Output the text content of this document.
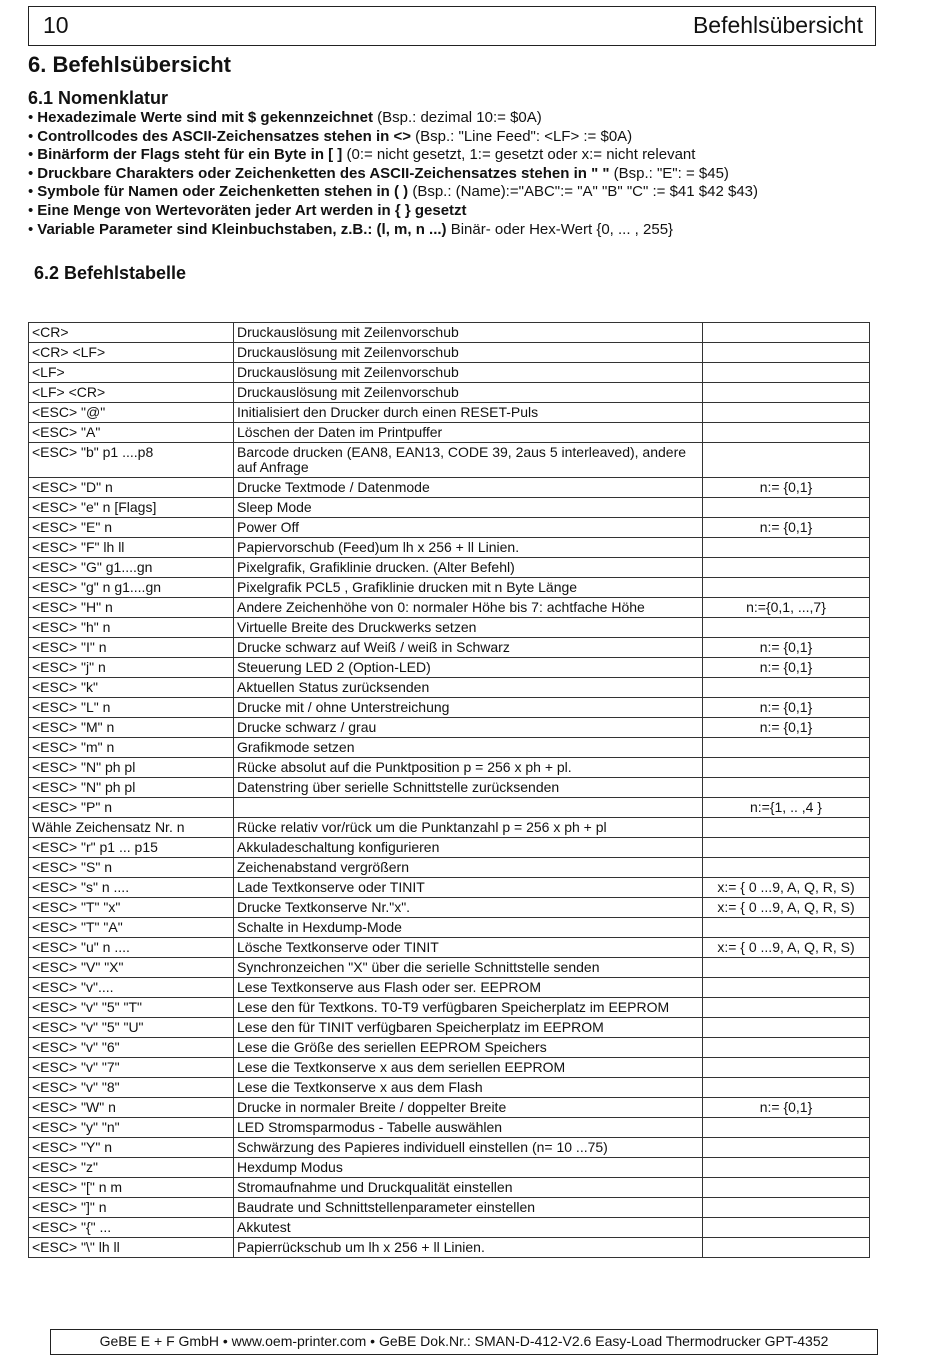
10	Befehlsübersicht
6. Befehlsübersicht
6.1 Nomenklatur
• Hexadezimale Werte sind mit $ gekennzeichnet (Bsp.: dezimal 10:= $0A)
• Controllcodes des ASCII-Zeichensatzes stehen in <> (Bsp.: "Line Feed": <LF> := $0A)
• Binärform der Flags steht für ein Byte in [ ] (0:= nicht gesetzt, 1:= gesetzt oder x:= nicht relevant
• Druckbare Charakters oder Zeichenketten des ASCII-Zeichensatzes stehen in " " (Bsp.: "E": = $45)
• Symbole für Namen oder Zeichenketten stehen in ( ) (Bsp.: (Name):="ABC":= "A" "B" "C" := $41 $42 $43)
• Eine Menge von Wertevoräten jeder Art werden in { } gesetzt
• Variable Parameter sind Kleinbuchstaben, z.B.: (l, m, n ...) Binär- oder Hex-Wert {0, ... , 255}
6.2 Befehlstabelle
<CR>	Druckauslösung mit Zeilenvorschub	
<CR> <LF>	Druckauslösung mit Zeilenvorschub	
<LF>	Druckauslösung mit Zeilenvorschub	
<LF> <CR>	Druckauslösung mit Zeilenvorschub	
<ESC> "@"	Initialisiert den Drucker durch einen RESET-Puls	
<ESC> "A"	Löschen der Daten im Printpuffer	
<ESC> "b" p1 ....p8	Barcode drucken (EAN8, EAN13, CODE 39, 2aus 5 interleaved), andere auf Anfrage	
<ESC> "D" n	Drucke Textmode / Datenmode	n:= {0,1}
<ESC> "e" n [Flags]	Sleep Mode	
<ESC> "E" n	Power Off	n:= {0,1}
<ESC> "F" lh ll	Papiervorschub (Feed)um lh x 256 + ll Linien.	
<ESC> "G" g1....gn	Pixelgrafik, Grafiklinie drucken. (Alter Befehl)	
<ESC> "g" n g1....gn	Pixelgrafik PCL5 , Grafiklinie drucken mit n Byte Länge	
<ESC> "H" n	Andere Zeichenhöhe von 0: normaler Höhe bis 7: achtfache Höhe	n:={0,1, ...,7}
<ESC> "h" n	Virtuelle Breite des Druckwerks setzen	
<ESC> "I" n	Drucke schwarz auf Weiß / weiß in Schwarz	n:= {0,1}
<ESC> "j" n	Steuerung LED 2 (Option-LED)	n:= {0,1}
<ESC> "k"	Aktuellen Status zurücksenden	
<ESC> "L" n	Drucke mit / ohne Unterstreichung	n:= {0,1}
<ESC> "M" n	Drucke schwarz / grau	n:= {0,1}
<ESC> "m" n	Grafikmode setzen	
<ESC> "N" ph pl	Rücke absolut auf die Punktposition p = 256 x ph + pl.	
<ESC> "N" ph pl	Datenstring über serielle Schnittstelle zurücksenden	
<ESC> "P" n		n:={1, .. ,4 }
Wähle Zeichensatz Nr. n	Rücke relativ vor/rück um die Punktanzahl p = 256 x ph + pl	
<ESC> "r" p1 ... p15	Akkuladeschaltung konfigurieren	
<ESC> "S" n	Zeichenabstand vergrößern	
<ESC> "s" n ....	Lade Textkonserve oder TINIT	x:= { 0 ...9, A, Q, R, S)
<ESC> "T" "x"	Drucke Textkonserve Nr."x".	x:= { 0 ...9, A, Q, R, S)
<ESC> "T" "A"	Schalte in Hexdump-Mode	
<ESC> "u" n ....	Lösche Textkonserve oder TINIT	x:= { 0 ...9, A, Q, R, S)
<ESC> "V" "X"	Synchronzeichen "X" über die serielle Schnittstelle senden	
<ESC> "v"....	Lese Textkonserve aus Flash oder ser. EEPROM	
<ESC> "v" "5" "T"	Lese den für Textkons. T0-T9 verfügbaren Speicherplatz im EEPROM	
<ESC> "v" "5" "U"	Lese den für TINIT verfügbaren Speicherplatz im EEPROM	
<ESC> "v" "6"	Lese die Größe des seriellen EEPROM Speichers	
<ESC> "v" "7"	Lese die Textkonserve x aus dem seriellen EEPROM	
<ESC> "v" "8"	Lese die Textkonserve x aus dem Flash	
<ESC> "W" n	Drucke in normaler Breite / doppelter Breite	n:= {0,1}
<ESC> "y" "n"	LED Stromsparmodus - Tabelle auswählen	
<ESC> "Y" n	Schwärzung des Papieres individuell einstellen (n= 10 ...75)	
<ESC> "z"	Hexdump Modus	
<ESC> "[" n m	Stromaufnahme und Druckqualität einstellen	
<ESC> "]" n	Baudrate und Schnittstellenparameter einstellen	
<ESC> "{" ...	Akkutest	
<ESC> "\" lh ll	Papierrückschub um lh x 256 + ll Linien.	
GeBE E + F GmbH • www.oem-printer.com • GeBE Dok.Nr.: SMAN-D-412-V2.6 Easy-Load Thermodrucker GPT-4352
